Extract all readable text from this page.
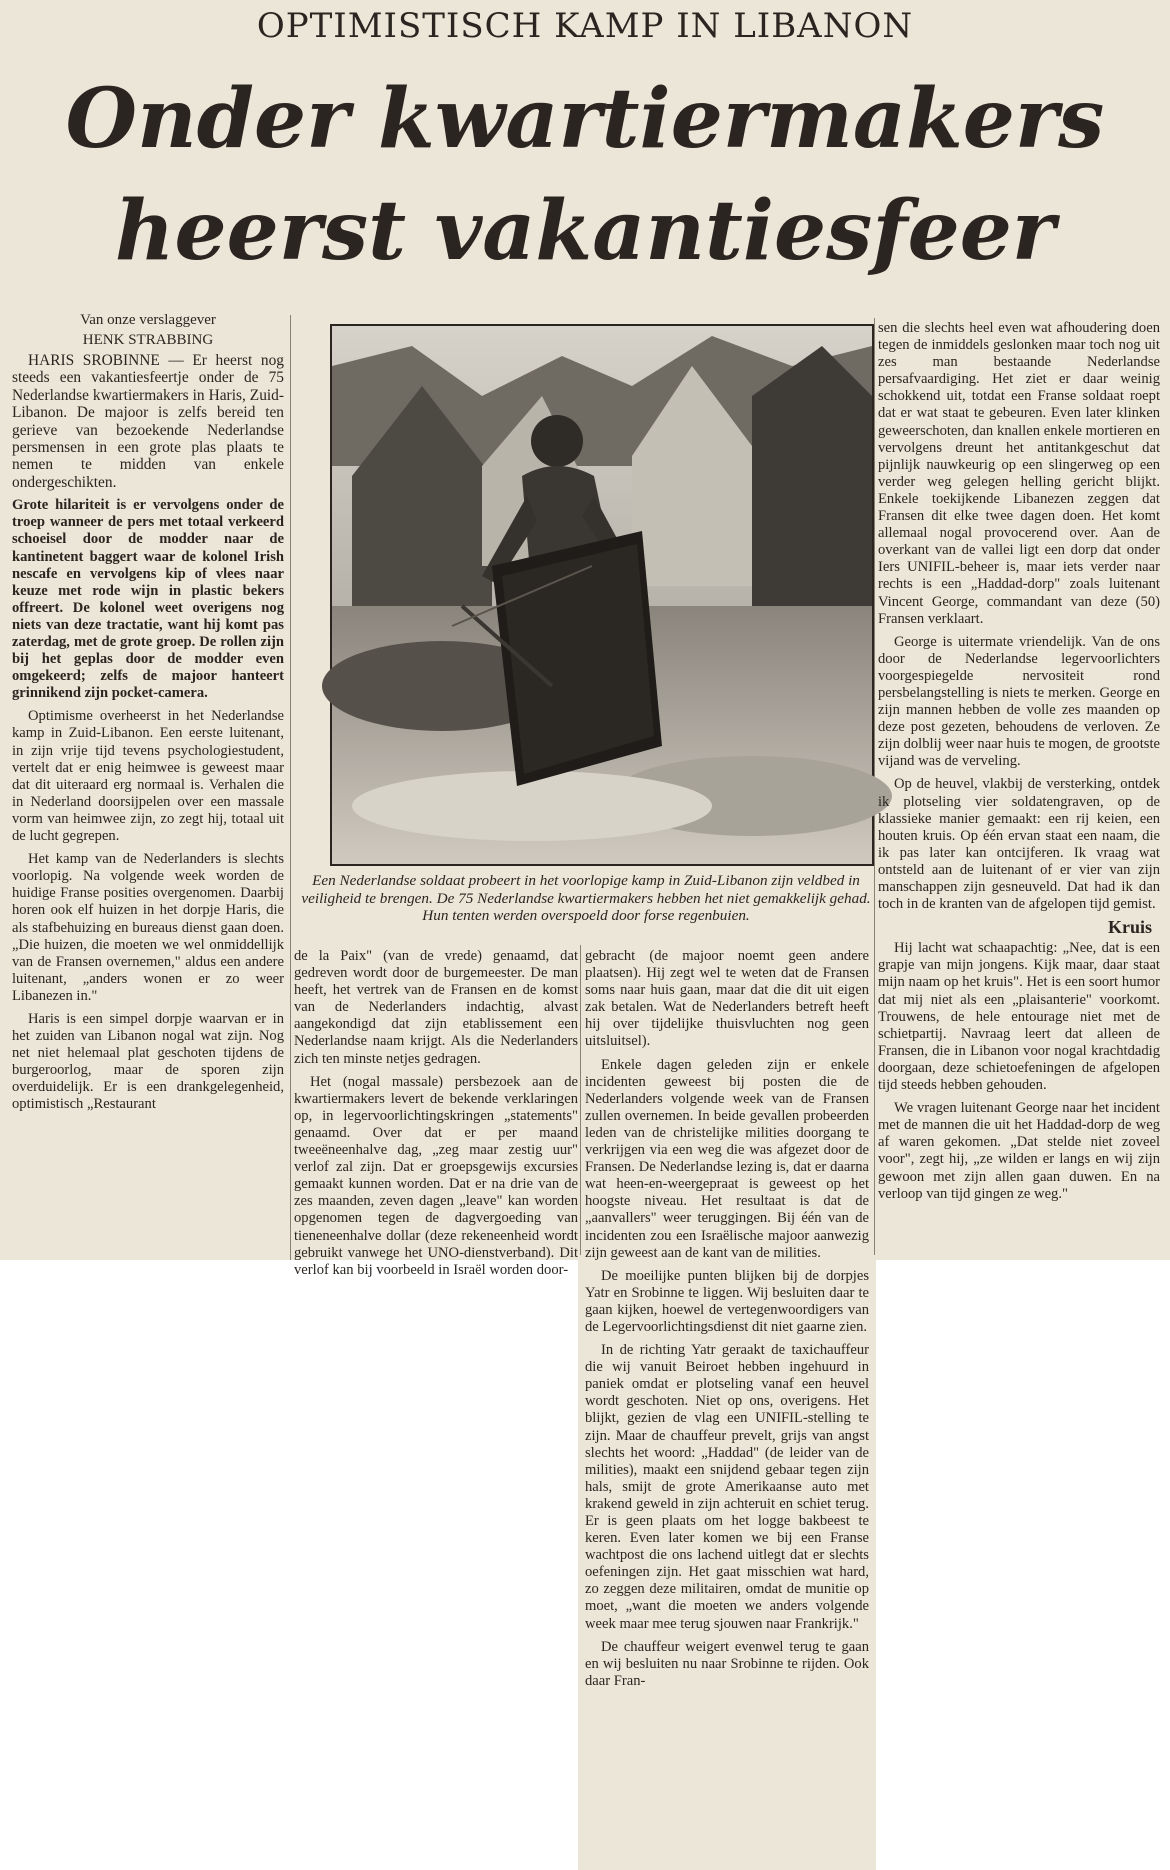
OPTIMISTISCH KAMP IN LIBANON
Onder kwartiermakers
heerst vakantiesfeer
Van onze verslaggever
HENK STRABBING

HARIS SROBINNE — Er heerst nog steeds een vakantiesfeertje onder de 75 Nederlandse kwartiermakers in Haris, Zuid-Libanon. De majoor is zelfs bereid ten gerieve van bezoekende Nederlandse persmensen in een grote plas plaats te nemen te midden van enkele ondergeschikten.

Grote hilariteit is er vervolgens onder de troep wanneer de pers met totaal verkeerd schoeisel door de modder naar de kantinetent baggert waar de kolonel Irish nescafe en vervolgens kip of vlees naar keuze met rode wijn in plastic bekers offreert. De kolonel weet overigens nog niets van deze tractatie, want hij komt pas zaterdag, met de grote groep. De rollen zijn bij het geplas door de modder even omgekeerd; zelfs de majoor hanteert grinnikend zijn pocket-camera.

Optimisme overheerst in het Nederlandse kamp in Zuid-Libanon. Een eerste luitenant, in zijn vrije tijd tevens psychologiestudent, vertelt dat er enig heimwee is geweest maar dat dit uiteraard erg normaal is. Verhalen die in Nederland doorsijpelen over een massale vorm van heimwee zijn, zo zegt hij, totaal uit de lucht gegrepen.

Het kamp van de Nederlanders is slechts voorlopig. Na volgende week worden de huidige Franse posities overgenomen. Daarbij horen ook elf huizen in het dorpje Haris, die als stafbehuizing en bureaus dienst gaan doen. „Die huizen, die moeten we wel onmiddellijk van de Fransen overnemen," aldus een andere luitenant, „anders wonen er zo weer Libanezen in."

Haris is een simpel dorpje waarvan er in het zuiden van Libanon nogal wat zijn. Nog net niet helemaal plat geschoten tijdens de burgeroorlog, maar de sporen zijn overduidelijk. Er is een drankgelegenheid, optimistisch „Restaurant

Een Nederlandse soldaat probeert in het voorlopige kamp in Zuid-Libanon zijn veldbed in veiligheid te brengen. De 75 Nederlandse kwartiermakers hebben het niet gemakkelijk gehad. Hun tenten werden overspoeld door forse regenbuien.

de la Paix" (van de vrede) genaamd, dat gedreven wordt door de burgemeester. De man heeft, het vertrek van de Fransen en de komst van de Nederlanders indachtig, alvast aangekondigd dat zijn etablissement een Nederlandse naam krijgt. Als die Nederlanders zich ten minste netjes gedragen.

Het (nogal massale) persbezoek aan de kwartiermakers levert de bekende verklaringen op, in legervoorlichtingskringen „statements" genaamd. Over dat er per maand tweeëneenhalve dag, „zeg maar zestig uur" verlof zal zijn. Dat er groepsgewijs excursies gemaakt kunnen worden. Dat er na drie van de zes maanden, zeven dagen „leave" kan worden opgenomen tegen de dagvergoeding van tieneneenhalve dollar (deze rekeneenheid wordt gebruikt vanwege het UNO-dienstverband). Dit verlof kan bij voorbeeld in Israël worden door-

sen die slechts heel even wat afhoudering doen tegen de inmiddels geslonken maar toch nog uit zes man bestaande Nederlandse persafvaardiging. Het ziet er daar weinig schokkend uit, totdat een Franse soldaat roept dat er wat staat te gebeuren. Even later klinken geweerschoten, dan knallen enkele mortieren en vervolgens dreunt het antitankgeschut dat pijnlijk nauwkeurig op een slingerweg op een verder weg gelegen helling gericht blijkt. Enkele toekijkende Libanezen zeggen dat Fransen dit elke twee dagen doen. Het komt allemaal nogal provocerend over. Aan de overkant van de vallei ligt een dorp dat onder Iers UNIFIL-beheer is, maar iets verder naar rechts is een „Haddad-dorp" zoals luitenant Vincent George, commandant van deze (50) Fransen verklaart.

George is uitermate vriendelijk. Van de ons door de Nederlandse legervoorlichters voorgespiegelde nervositeit rond persbelangstelling is niets te merken. George en zijn mannen hebben de volle zes maanden op deze post gezeten, behoudens de verloven. Ze zijn dolblij weer naar huis te mogen, de grootste vijand was de verveling.

Op de heuvel, vlakbij de versterking, ontdek ik plotseling vier soldatengraven, op de klassieke manier gemaakt: een rij keien, een houten kruis. Op één ervan staat een naam, die ik pas later kan ontcijferen. Ik vraag wat ontsteld aan de luitenant of er vier van zijn manschappen zijn gesneuveld. Dat had ik dan toch in de kranten van de afgelopen tijd gemist.

Kruis

Hij lacht wat schaapachtig: „Nee, dat is een grapje van mijn jongens. Kijk maar, daar staat mijn naam op het kruis". Het is een soort humor dat mij niet als een „plaisanterie" voorkomt. Trouwens, de hele entourage niet met de schietpartij. Navraag leert dat alleen de Fransen, die in Libanon voor nogal krachtdadig doorgaan, deze schietoefeningen de afgelopen tijd steeds hebben gehouden.

We vragen luitenant George naar het incident met de mannen die uit het Haddad-dorp de weg af waren gekomen. „Dat stelde niet zoveel voor", zegt hij, „ze wilden er langs en wij zijn gewoon met zijn allen gaan duwen. En na verloop van tijd gingen ze weg."

gebracht (de majoor noemt geen andere plaatsen). Hij zegt wel te weten dat de Fransen soms naar huis gaan, maar dat die dit uit eigen zak betalen. Wat de Nederlanders betreft heeft hij over tijdelijke thuisvluchten nog geen uitsluitsel).

Enkele dagen geleden zijn er enkele incidenten geweest bij posten die de Nederlanders volgende week van de Fransen zullen overnemen. In beide gevallen probeerden leden van de christelijke milities doorgang te verkrijgen via een weg die was afgezet door de Fransen. De Nederlandse lezing is, dat er daarna wat heen-en-weergepraat is geweest op het hoogste niveau. Het resultaat is dat de „aanvallers" weer teruggingen. Bij één van de incidenten zou een Israëlische majoor aanwezig zijn geweest aan de kant van de milities.

De moeilijke punten blijken bij de dorpjes Yatr en Srobinne te liggen. Wij besluiten daar te gaan kijken, hoewel de vertegenwoordigers van de Legervoorlichtingsdienst dit niet gaarne zien.

In de richting Yatr geraakt de taxichauffeur die wij vanuit Beiroet hebben ingehuurd in paniek omdat er plotseling vanaf een heuvel wordt geschoten. Niet op ons, overigens. Het blijkt, gezien de vlag een UNIFIL-stelling te zijn. Maar de chauffeur prevelt, grijs van angst slechts het woord: „Haddad" (de leider van de milities), maakt een snijdend gebaar tegen zijn hals, smijt de grote Amerikaanse auto met krakend geweld in zijn achteruit en schiet terug. Er is geen plaats om het logge bakbeest te keren. Even later komen we bij een Franse wachtpost die ons lachend uitlegt dat er slechts oefeningen zijn. Het gaat misschien wat hard, zo zeggen deze militairen, omdat de munitie op moet, „want die moeten we anders volgende week maar mee terug sjouwen naar Frankrijk."

De chauffeur weigert evenwel terug te gaan en wij besluiten nu naar Srobinne te rijden. Ook daar Fran-
